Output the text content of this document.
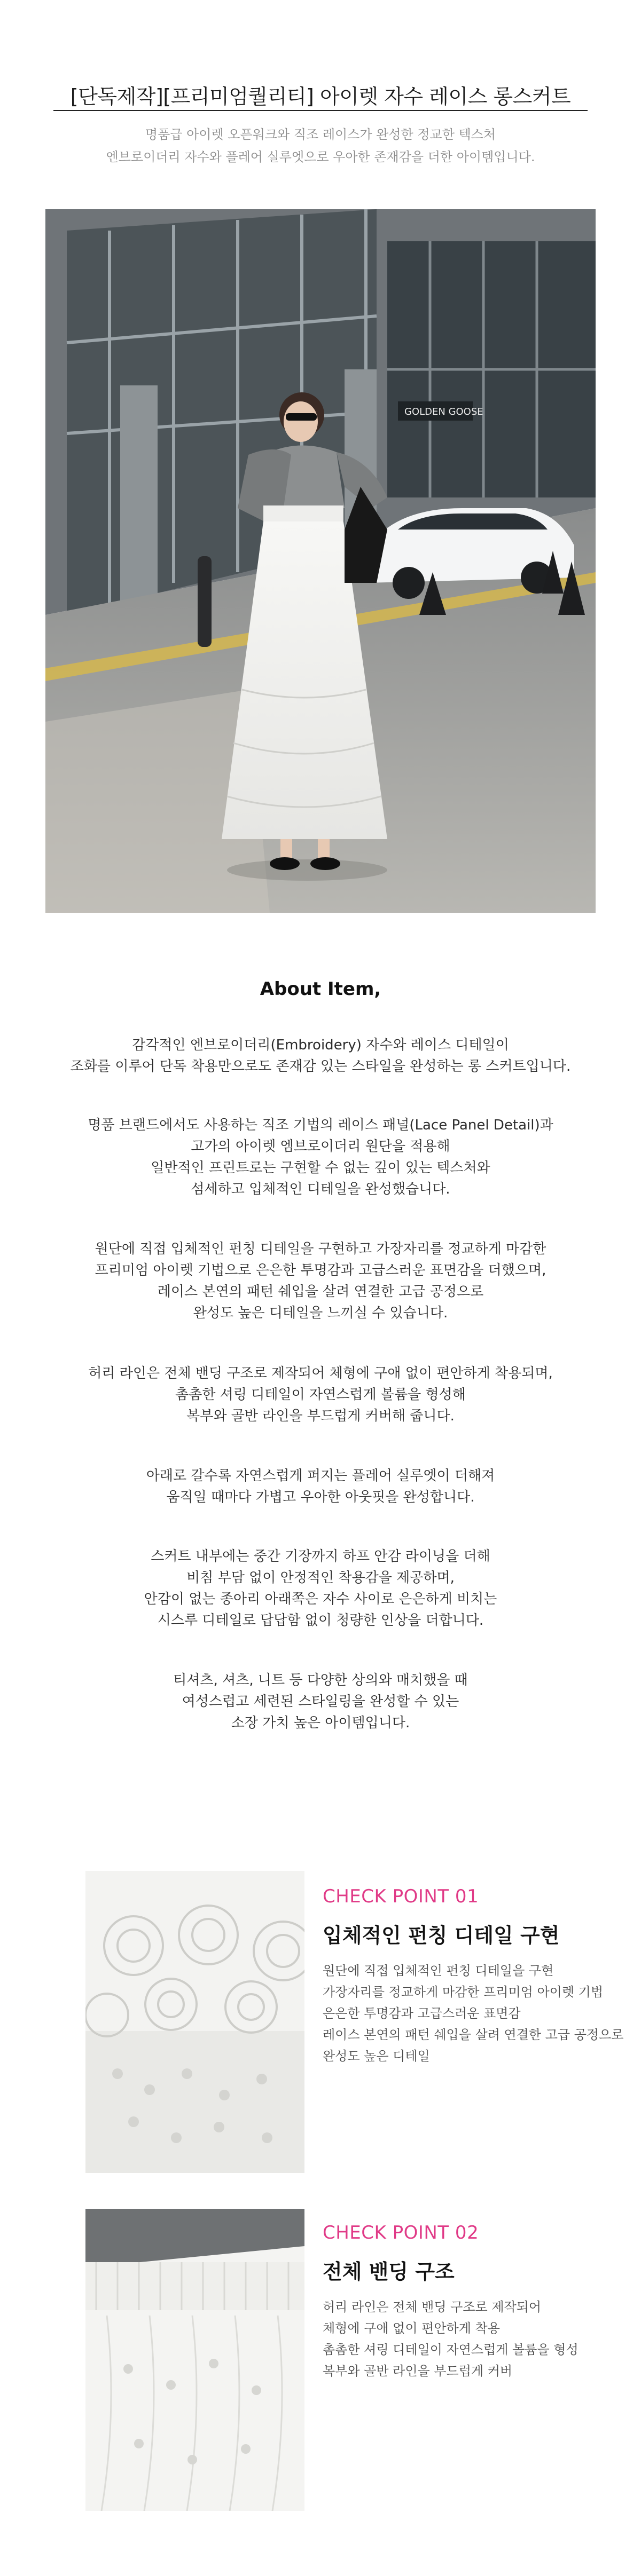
[단독제작][프리미엄퀄리티] 아이렛 자수 레이스 롱스커트
명품급 아이렛 오픈워크와 직조 레이스가 완성한 정교한 텍스처
엔브로이더리 자수와 플레어 실루엣으로 우아한 존재감을 더한 아이템입니다.
GOLDEN GOOSE
About Item,
감각적인 엔브로이더리(Embroidery) 자수와 레이스 디테일이
조화를 이루어 단독 착용만으로도 존재감 있는 스타일을 완성하는 롱 스커트입니다.
명품 브랜드에서도 사용하는 직조 기법의 레이스 패널(Lace Panel Detail)과
고가의 아이렛 엠브로이더리 원단을 적용해
일반적인 프린트로는 구현할 수 없는 깊이 있는 텍스처와
섬세하고 입체적인 디테일을 완성했습니다.
원단에 직접 입체적인 펀칭 디테일을 구현하고 가장자리를 정교하게 마감한
프리미엄 아이렛 기법으로 은은한 투명감과 고급스러운 표면감을 더했으며,
레이스 본연의 패턴 쉐입을 살려 연결한 고급 공정으로
완성도 높은 디테일을 느끼실 수 있습니다.
허리 라인은 전체 밴딩 구조로 제작되어 체형에 구애 없이 편안하게 착용되며,
촘촘한 셔링 디테일이 자연스럽게 볼륨을 형성해
복부와 골반 라인을 부드럽게 커버해 줍니다.
아래로 갈수록 자연스럽게 퍼지는 플레어 실루엣이 더해져
움직일 때마다 가볍고 우아한 아웃핏을 완성합니다.
스커트 내부에는 중간 기장까지 하프 안감 라이닝을 더해
비침 부담 없이 안정적인 착용감을 제공하며,
안감이 없는 종아리 아래쪽은 자수 사이로 은은하게 비치는
시스루 디테일로 답답함 없이 청량한 인상을 더합니다.
티셔츠, 셔츠, 니트 등 다양한 상의와 매치했을 때
여성스럽고 세련된 스타일링을 완성할 수 있는
소장 가치 높은 아이템입니다.
CHECK POINT 01
입체적인 펀칭 디테일 구현
원단에 직접 입체적인 펀칭 디테일을 구현
가장자리를 정교하게 마감한 프리미엄 아이렛 기법
은은한 투명감과 고급스러운 표면감
레이스 본연의 패턴 쉐입을 살려 연결한 고급 공정으로
완성도 높은 디테일
CHECK POINT 02
전체 밴딩 구조
허리 라인은 전체 밴딩 구조로 제작되어
체형에 구애 없이 편안하게 착용
촘촘한 셔링 디테일이 자연스럽게 볼륨을 형성
복부와 골반 라인을 부드럽게 커버
